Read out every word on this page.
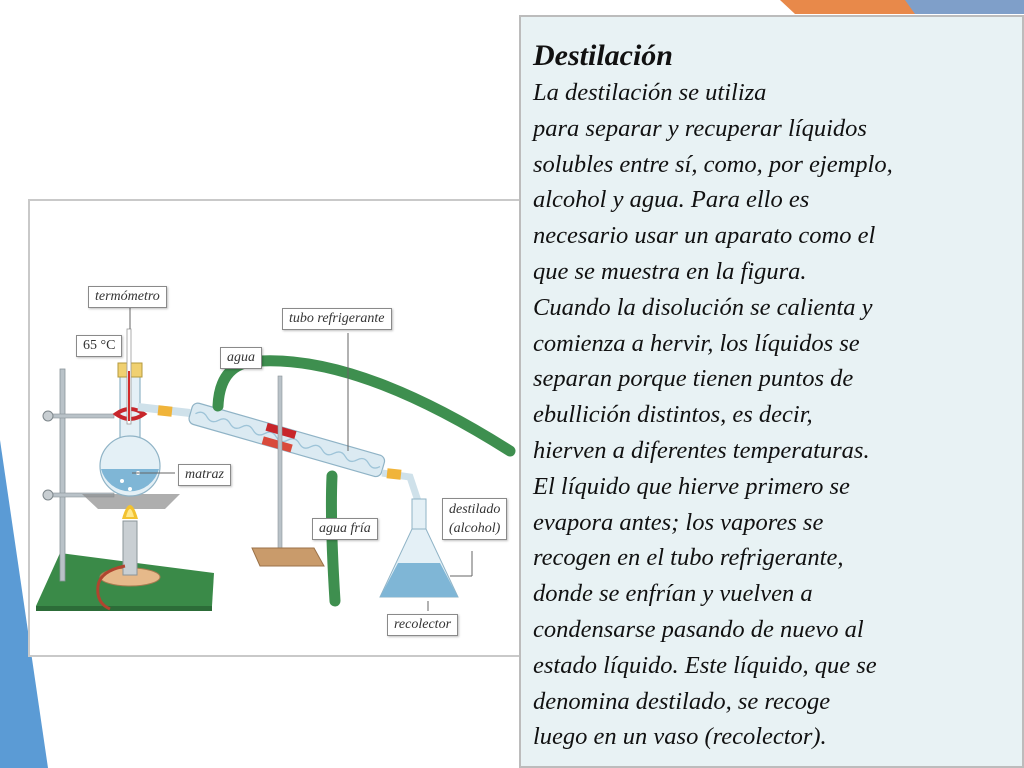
termómetro
65 °C
tubo refrigerante
agua
matraz
agua fría
destilado
(alcohol)
recolector
Destilación

La destilación se utiliza

para separar y recuperar líquidos

solubles entre sí, como, por ejemplo,

alcohol y agua. Para ello es

necesario usar un aparato como el

que se muestra en la figura.

Cuando la disolución se calienta y

comienza a hervir, los líquidos se

separan porque tienen puntos de

ebullición distintos, es decir,

hierven a diferentes temperaturas.

El líquido que hierve primero se

evapora antes; los vapores se

recogen en el tubo refrigerante,

donde se enfrían y vuelven a

condensarse pasando de nuevo al

estado líquido. Este líquido, que se

denomina destilado, se recoge

luego en un vaso (recolector).
